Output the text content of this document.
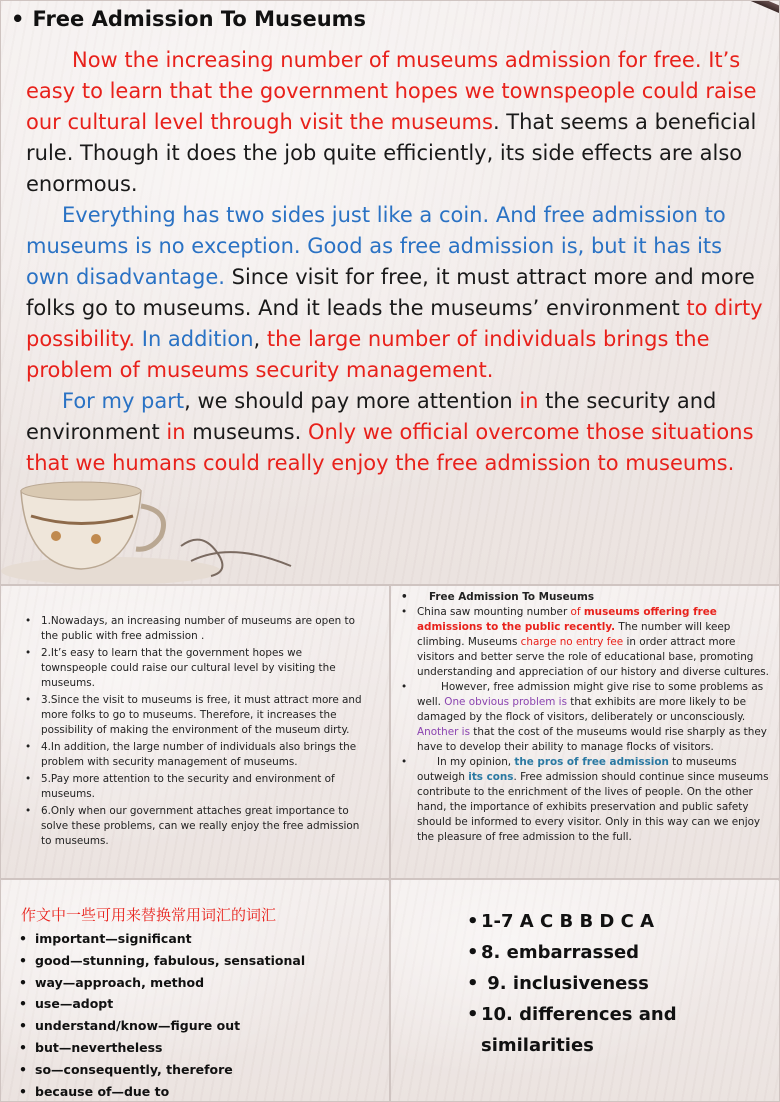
• Free Admission To Museums

Now the increasing number of museums admission for free. It’s easy to learn that the government hopes we townspeople could raise our cultural level through visit the museums. That seems a beneficial rule. Though it does the job quite efficiently, its side effects are also enormous.

Everything has two sides just like a coin. And free admission to museums is no exception. Good as free admission is, but it has its own disadvantage. Since visit for free, it must attract more and more folks go to museums. And it leads the museums’ environment to dirty possibility. In addition, the large number of individuals brings the problem of museums security management.

For my part, we should pay more attention in the security and environment in museums. Only we official overcome those situations that we humans could really enjoy the free admission to museums.

• 1.Nowadays, an increasing number of museums are open to the public with free admission .
• 2.It’s easy to learn that the government hopes we townspeople could raise our cultural level by visiting the museums.
• 3.Since the visit to museums is free, it must attract more and more folks to go to museums. Therefore, it increases the possibility of making the environment of the museum dirty.
• 4.In addition, the large number of individuals also brings the problem with security management of museums.
• 5.Pay more attention to the security and environment of museums.
• 6.Only when our government attaches great importance to solve these problems, can we really enjoy the free admission to museums.
• Free Admission To Museums
• China saw mounting number of museums offering free admissions to the public recently. The number will keep climbing. Museums charge no entry fee in order attract more visitors and better serve the role of educational base, promoting understanding and appreciation of our history and diverse cultures.
•	However, free admission might give rise to some problems as well. One obvious problem is that exhibits are more likely to be damaged by the flock of visitors, deliberately or unconsciously. Another is that the cost of the museums would rise sharply as they have to develop their ability to manage flocks of visitors.
•	In my opinion, the pros of free admission to museums outweigh its cons. Free admission should continue since museums contribute to the enrichment of the lives of people. On the other hand, the importance of exhibits preservation and public safety should be informed to every visitor. Only in this way can we enjoy the pleasure of free admission to the full.
作文中一些可用来替换常用词汇的词汇
• important—significant
• good—stunning, fabulous, sensational
• way—approach, method
• use—adopt
• understand/know—figure out
• but—nevertheless
• so—consequently, therefore
• because of—due to
• 1-7 A C B B D C A
• 8. embarrassed
• 9. inclusiveness
• 10. differences and similarities
